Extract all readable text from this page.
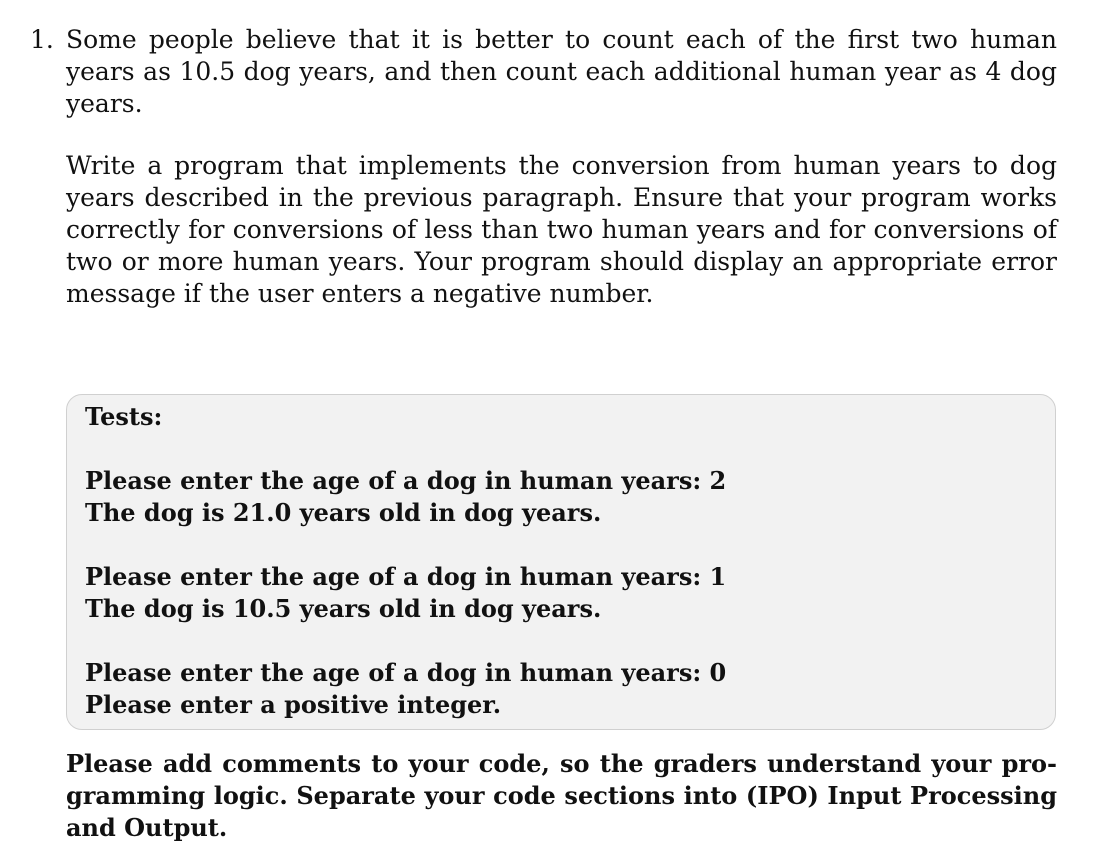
1. Some people believe that it is better to count each of the first two human years as 10.5 dog years, and then count each additional human year as 4 dog years.

Write a program that implements the conversion from human years to dog years described in the previous paragraph. Ensure that your program works correctly for conversions of less than two human years and for conversions of two or more human years. Your program should display an appropriate error message if the user enters a negative number.

Tests:

Please enter the age of a dog in human years: 2

The dog is 21.0 years old in dog years.

Please enter the age of a dog in human years: 1

The dog is 10.5 years old in dog years.

Please enter the age of a dog in human years: 0

Please enter a positive integer.

Please add comments to your code, so the graders understand your programming logic. Separate your code sections into (IPO) Input Processing and Output.
